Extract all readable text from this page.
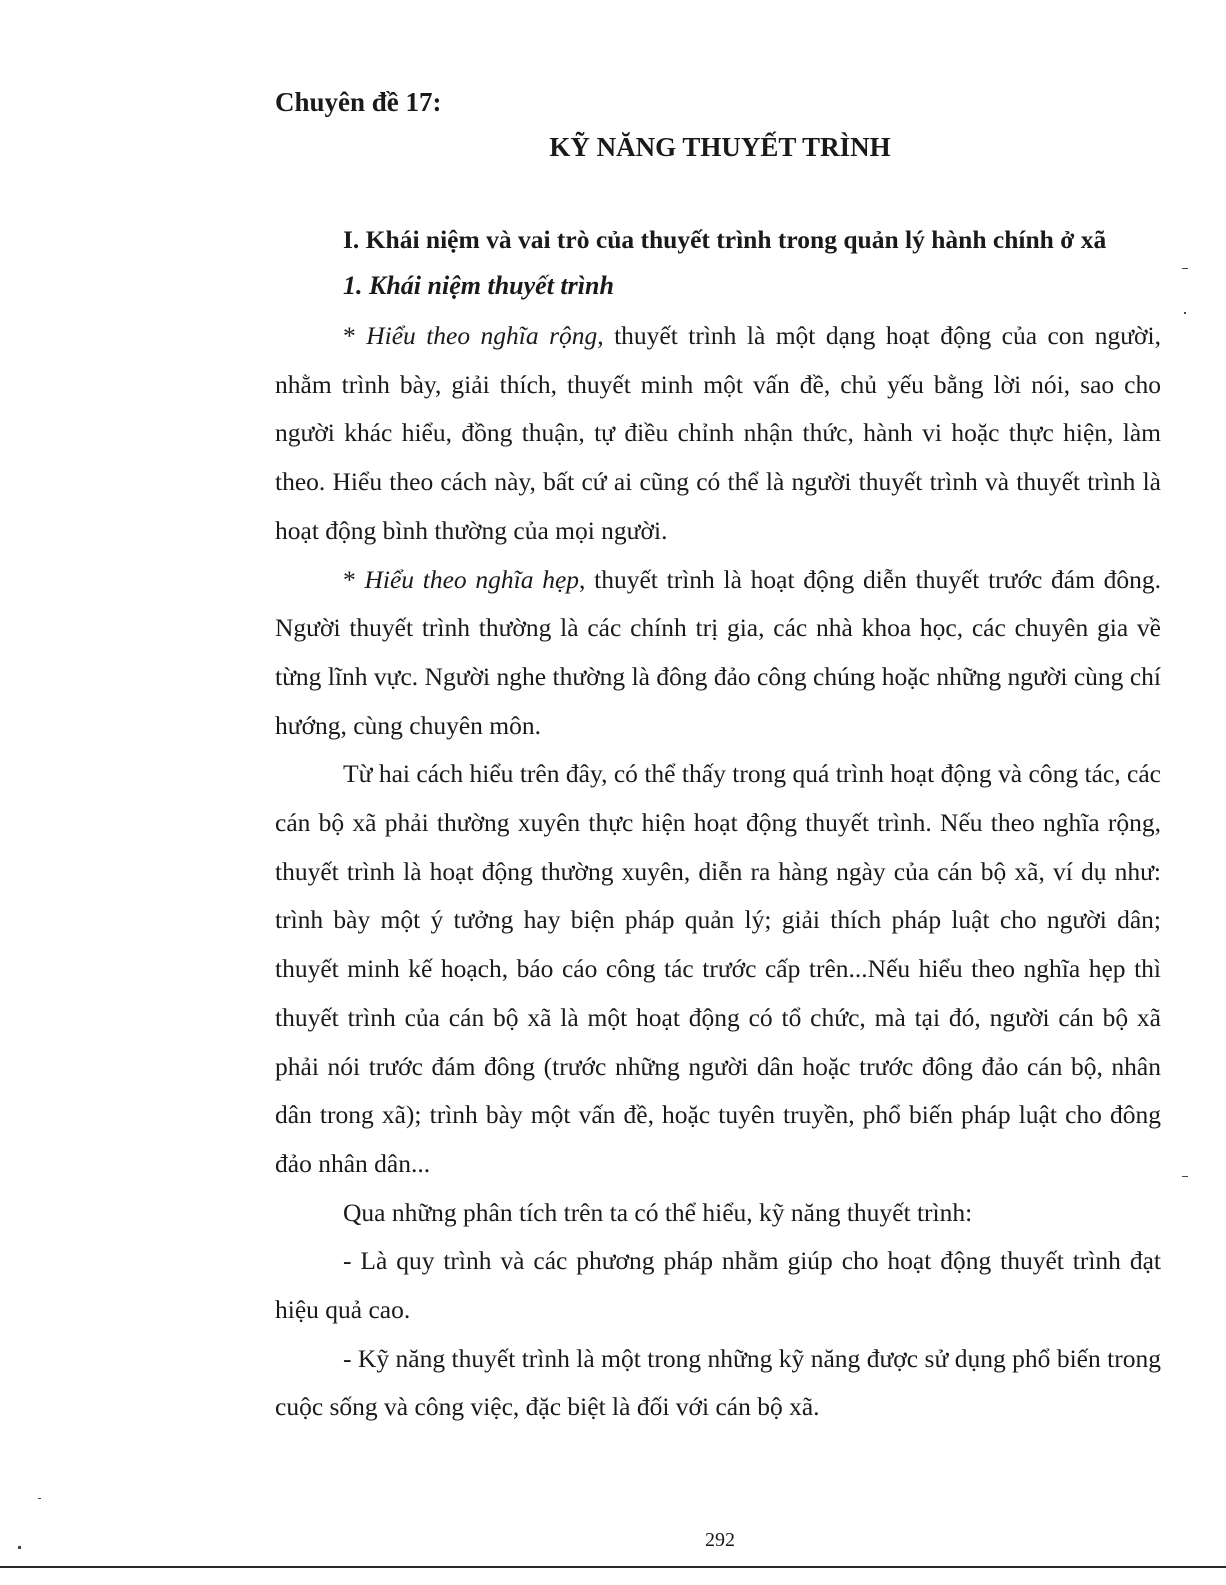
Chuyên đề 17:
KỸ NĂNG THUYẾT TRÌNH
I. Khái niệm và vai trò của thuyết trình trong quản lý hành chính ở xã
1. Khái niệm thuyết trình

* Hiểu theo nghĩa rộng, thuyết trình là một dạng hoạt động của con người, nhằm trình bày, giải thích, thuyết minh một vấn đề, chủ yếu bằng lời nói, sao cho người khác hiểu, đồng thuận, tự điều chỉnh nhận thức, hành vi hoặc thực hiện, làm theo. Hiểu theo cách này, bất cứ ai cũng có thể là người thuyết trình và thuyết trình là hoạt động bình thường của mọi người.

* Hiểu theo nghĩa hẹp, thuyết trình là hoạt động diễn thuyết trước đám đông. Người thuyết trình thường là các chính trị gia, các nhà khoa học, các chuyên gia về từng lĩnh vực. Người nghe thường là đông đảo công chúng hoặc những người cùng chí hướng, cùng chuyên môn.

Từ hai cách hiểu trên đây, có thể thấy trong quá trình hoạt động và công tác, các cán bộ xã phải thường xuyên thực hiện hoạt động thuyết trình. Nếu theo nghĩa rộng, thuyết trình là hoạt động thường xuyên, diễn ra hàng ngày của cán bộ xã, ví dụ như: trình bày một ý tưởng hay biện pháp quản lý; giải thích pháp luật cho người dân; thuyết minh kế hoạch, báo cáo công tác trước cấp trên...Nếu hiểu theo nghĩa hẹp thì thuyết trình của cán bộ xã là một hoạt động có tổ chức, mà tại đó, người cán bộ xã phải nói trước đám đông (trước những người dân hoặc trước đông đảo cán bộ, nhân dân trong xã); trình bày một vấn đề, hoặc tuyên truyền, phổ biến pháp luật cho đông đảo nhân dân...

Qua những phân tích trên ta có thể hiểu, kỹ năng thuyết trình:

- Là quy trình và các phương pháp nhằm giúp cho hoạt động thuyết trình đạt hiệu quả cao.

- Kỹ năng thuyết trình là một trong những kỹ năng được sử dụng phổ biến trong cuộc sống và công việc, đặc biệt là đối với cán bộ xã.

292
